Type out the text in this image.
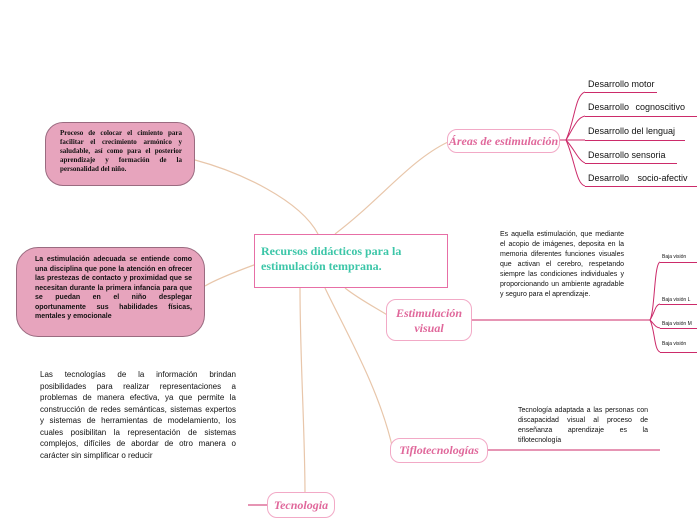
Proceso de colocar el cimiento para facilitar el crecimiento armónico y saludable, así como para el posterior aprendizaje y formación de la personalidad del niño.

La estimulación adecuada se entiende como una disciplina que pone la atención en ofrecer las prestezas de contacto y proximidad que se necesitan durante la primera infancia para que se puedan en el niño desplegar oportunamente sus habilidades físicas, mentales y emocionale

Recursos didácticos para la estimulación temprana.
Áreas de estimulación
Desarrollo motor
Desarrollo cognoscitivo
Desarrollo del lenguaj
Desarrollo sensoria
Desarrollo socio-afectiv
Estimulación
visual
Es aquella estimulación, que mediante el acopio de imágenes, deposita en la memoria diferentes funciones visuales que activan el cerebro, respetando siempre las condiciones individuales y proporcionando un ambiente agradable y seguro para el aprendizaje.
Baja visión
Baja visión L
Baja visión M
Baja visión
Tiflotecnologías
Tecnología adaptada a las personas con discapacidad visual al proceso de enseñanza aprendizaje es la tiflotecnología
Tecnologia
Las tecnologías de la información brindan posibilidades para realizar representaciones a problemas de manera efectiva, ya que permite la construcción de redes semánticas, sistemas expertos y sistemas de herramientas de modelamiento, los cuales posibilitan la representación de sistemas complejos, difíciles de abordar de otro manera o carácter sin simplificar o reducir
